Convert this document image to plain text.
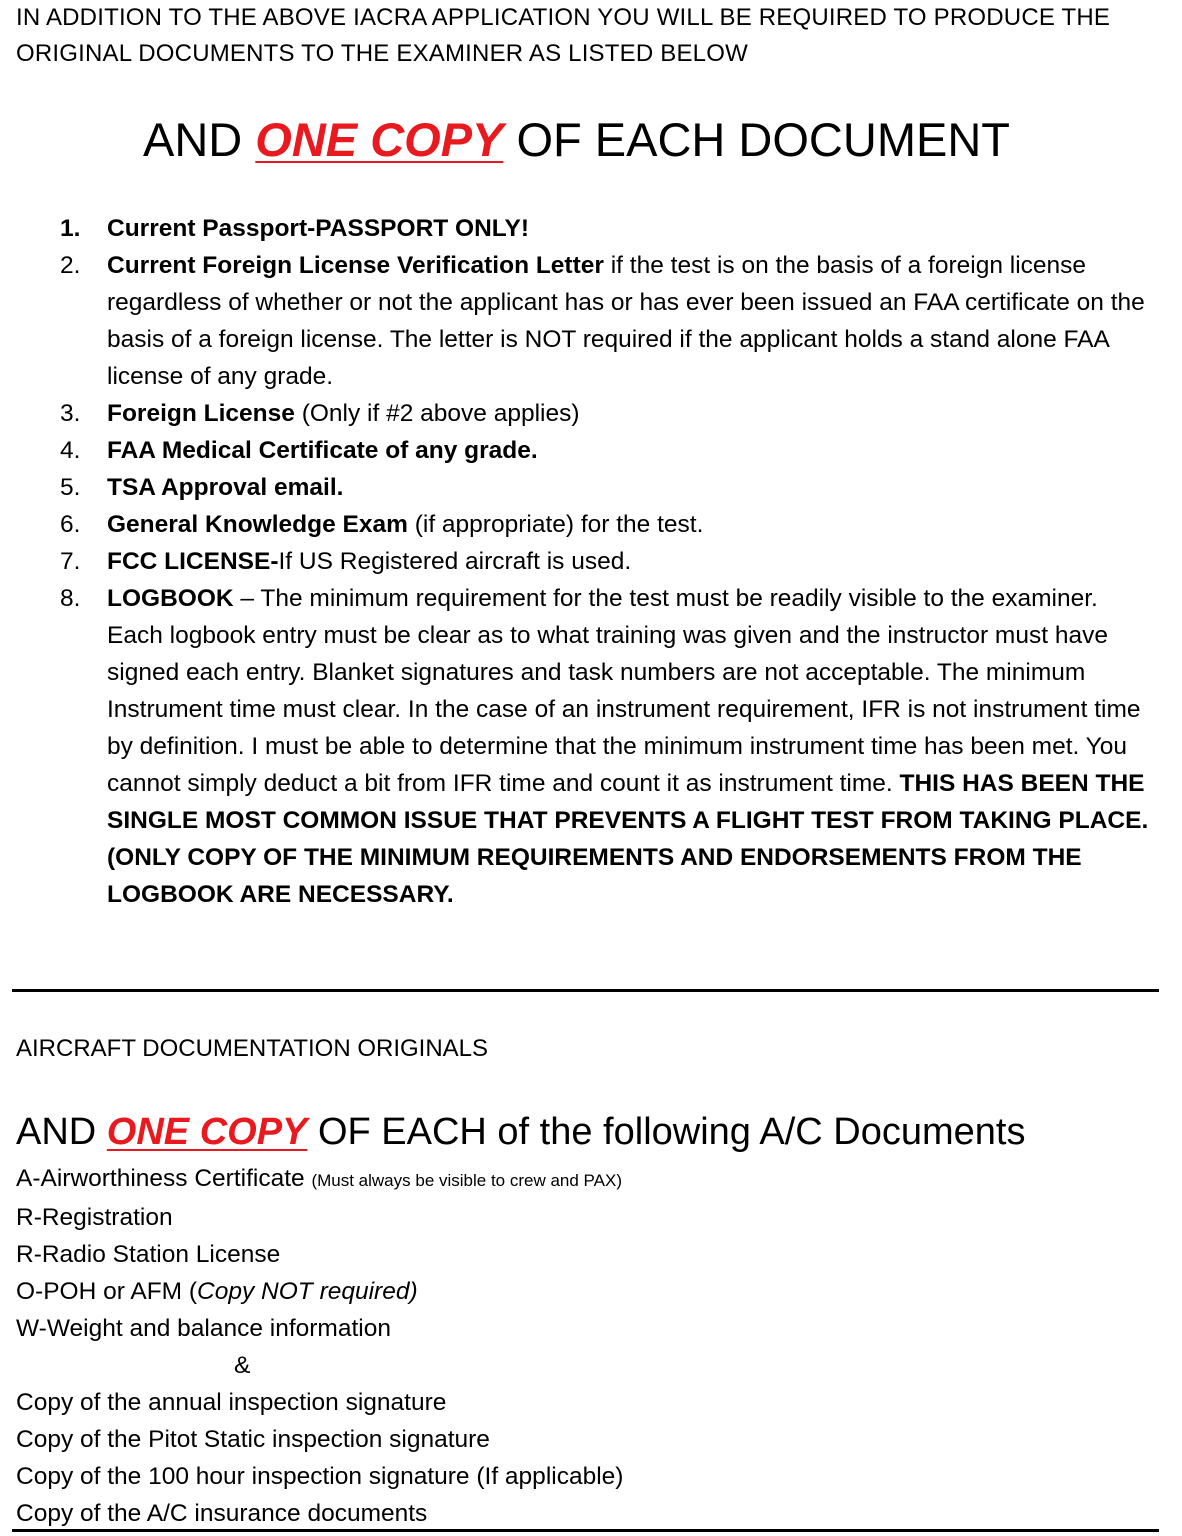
IN ADDITION TO THE ABOVE IACRA APPLICATION YOU WILL BE REQUIRED TO PRODUCE THE
ORIGINAL DOCUMENTS TO THE EXAMINER AS LISTED BELOW
AND ONE COPY OF EACH DOCUMENT
1. Current Passport-PASSPORT ONLY!
2. Current Foreign License Verification Letter if the test is on the basis of a foreign license regardless of whether or not the applicant has or has ever been issued an FAA certificate on the basis of a foreign license. The letter is NOT required if the applicant holds a stand alone FAA license of any grade.
3. Foreign License (Only if #2 above applies)
4. FAA Medical Certificate of any grade.
5. TSA Approval email.
6. General Knowledge Exam (if appropriate) for the test.
7. FCC LICENSE-If US Registered aircraft is used.
8. LOGBOOK – The minimum requirement for the test must be readily visible to the examiner. Each logbook entry must be clear as to what training was given and the instructor must have signed each entry. Blanket signatures and task numbers are not acceptable. The minimum Instrument time must clear. In the case of an instrument requirement, IFR is not instrument time by definition. I must be able to determine that the minimum instrument time has been met. You cannot simply deduct a bit from IFR time and count it as instrument time. THIS HAS BEEN THE SINGLE MOST COMMON ISSUE THAT PREVENTS A FLIGHT TEST FROM TAKING PLACE. (ONLY COPY OF THE MINIMUM REQUIREMENTS AND ENDORSEMENTS FROM THE LOGBOOK ARE NECESSARY.
AIRCRAFT DOCUMENTATION ORIGINALS
AND ONE COPY OF EACH of the following A/C Documents
A-Airworthiness Certificate (Must always be visible to crew and PAX)
R-Registration
R-Radio Station License
O-POH or AFM (Copy NOT required)
W-Weight and balance information
&
Copy of the annual inspection signature
Copy of the Pitot Static inspection signature
Copy of the 100 hour inspection signature (If applicable)
Copy of the A/C insurance documents
